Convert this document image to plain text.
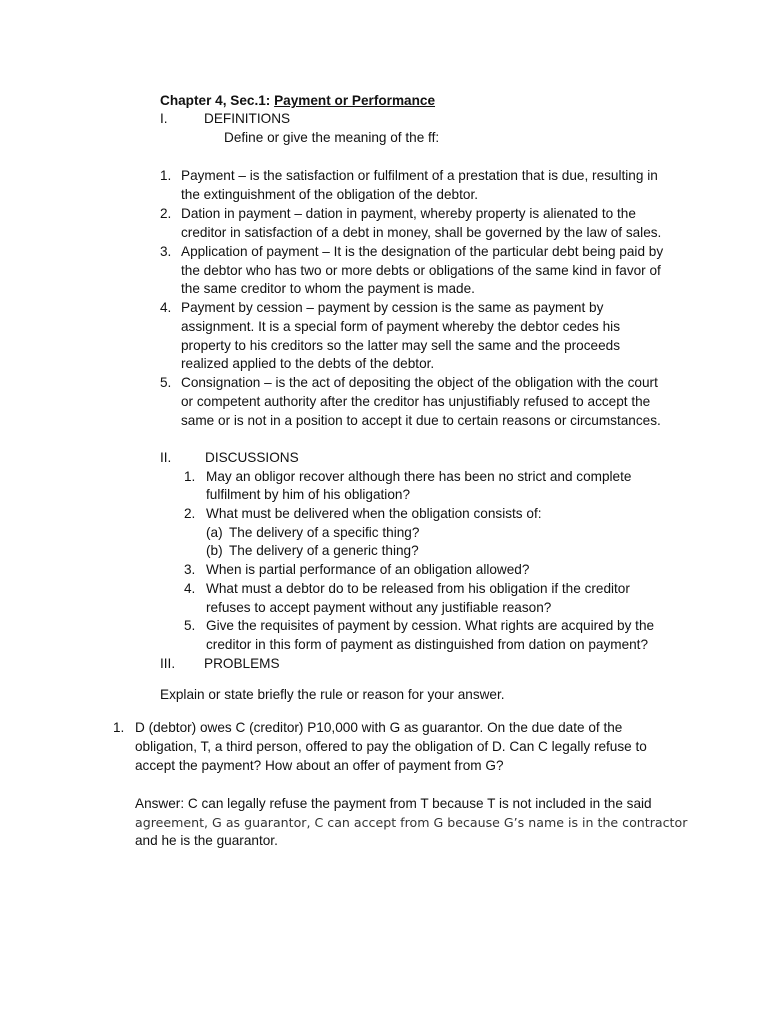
Chapter 4, Sec.1: Payment or Performance
I.	DEFINITIONS
Define or give the meaning of the ff:
1. Payment – is the satisfaction or fulfilment of a prestation that is due, resulting in
the extinguishment of the obligation of the debtor.
2. Dation in payment – dation in payment, whereby property is alienated to the
creditor in satisfaction of a debt in money, shall be governed by the law of sales.
3. Application of payment – It is the designation of the particular debt being paid by
the debtor who has two or more debts or obligations of the same kind in favor of
the same creditor to whom the payment is made.
4. Payment by cession – payment by cession is the same as payment by
assignment. It is a special form of payment whereby the debtor cedes his
property to his creditors so the latter may sell the same and the proceeds
realized applied to the debts of the debtor.
5. Consignation – is the act of depositing the object of the obligation with the court
or competent authority after the creditor has unjustifiably refused to accept the
same or is not in a position to accept it due to certain reasons or circumstances.
II. DISCUSSIONS
1. May an obligor recover although there has been no strict and complete
fulfilment by him of his obligation?
2. What must be delivered when the obligation consists of:
(a) The delivery of a specific thing?
(b) The delivery of a generic thing?
3. When is partial performance of an obligation allowed?
4. What must a debtor do to be released from his obligation if the creditor
refuses to accept payment without any justifiable reason?
5. Give the requisites of payment by cession. What rights are acquired by the
creditor in this form of payment as distinguished from dation on payment?
III. PROBLEMS
Explain or state briefly the rule or reason for your answer.
1. D (debtor) owes C (creditor) P10,000 with G as guarantor. On the due date of the
obligation, T, a third person, offered to pay the obligation of D. Can C legally refuse to
accept the payment? How about an offer of payment from G?
Answer: C can legally refuse the payment from T because T is not included in the said
agreement, G as guarantor, C can accept from G because G’s name is in the contractor
and he is the guarantor.
